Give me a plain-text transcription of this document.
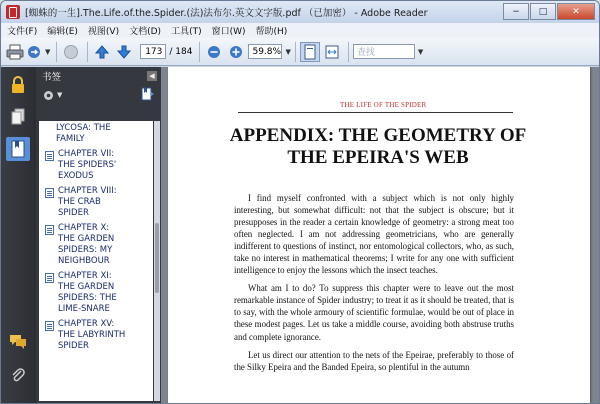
[蜘蛛的一生].The.Life.of.the.Spider.(法)法布尔.英文文字版.pdf （已加密） - Adobe Reader	−	□	✕
文件(F) 编辑(E) 视图(V) 文档(D) 工具(T) 窗口(W) 帮助(H)
▼	173 / 184	59.8% ▼	查找	▼
书签	◀
▼
LYCOSA: THE FAMILY
CHAPTER VII: THE SPIDERS' EXODUS
CHAPTER VIII: THE CRAB SPIDER
CHAPTER X: THE GARDEN SPIDERS: MY NEIGHBOUR
CHAPTER XI: THE GARDEN SPIDERS: THE LIME-SNARE
CHAPTER XV: THE LABYRINTH SPIDER
THE LIFE OF THE SPIDER
APPENDIX: THE GEOMETRY OF THE EPEIRA'S WEB

I find myself confronted with a subject which is not only highly interesting, but somewhat difficult: not that the subject is obscure; but it presupposes in the reader a certain knowledge of geometry: a strong meat too often neglected. I am not addressing geometricians, who are generally indifferent to questions of instinct, nor entomological collectors, who, as such, take no interest in mathematical theorems; I write for any one with sufficient intelligence to enjoy the lessons which the insect teaches.

What am I to do? To suppress this chapter were to leave out the most remarkable instance of Spider industry; to treat it as it should be treated, that is to say, with the whole armoury of scientific formulae, would be out of place in these modest pages. Let us take a middle course, avoiding both abstruse truths and complete ignorance.

Let us direct our attention to the nets of the Epeirae, preferably to those of the Silky Epeira and the Banded Epeira, so plentiful in the autumn
